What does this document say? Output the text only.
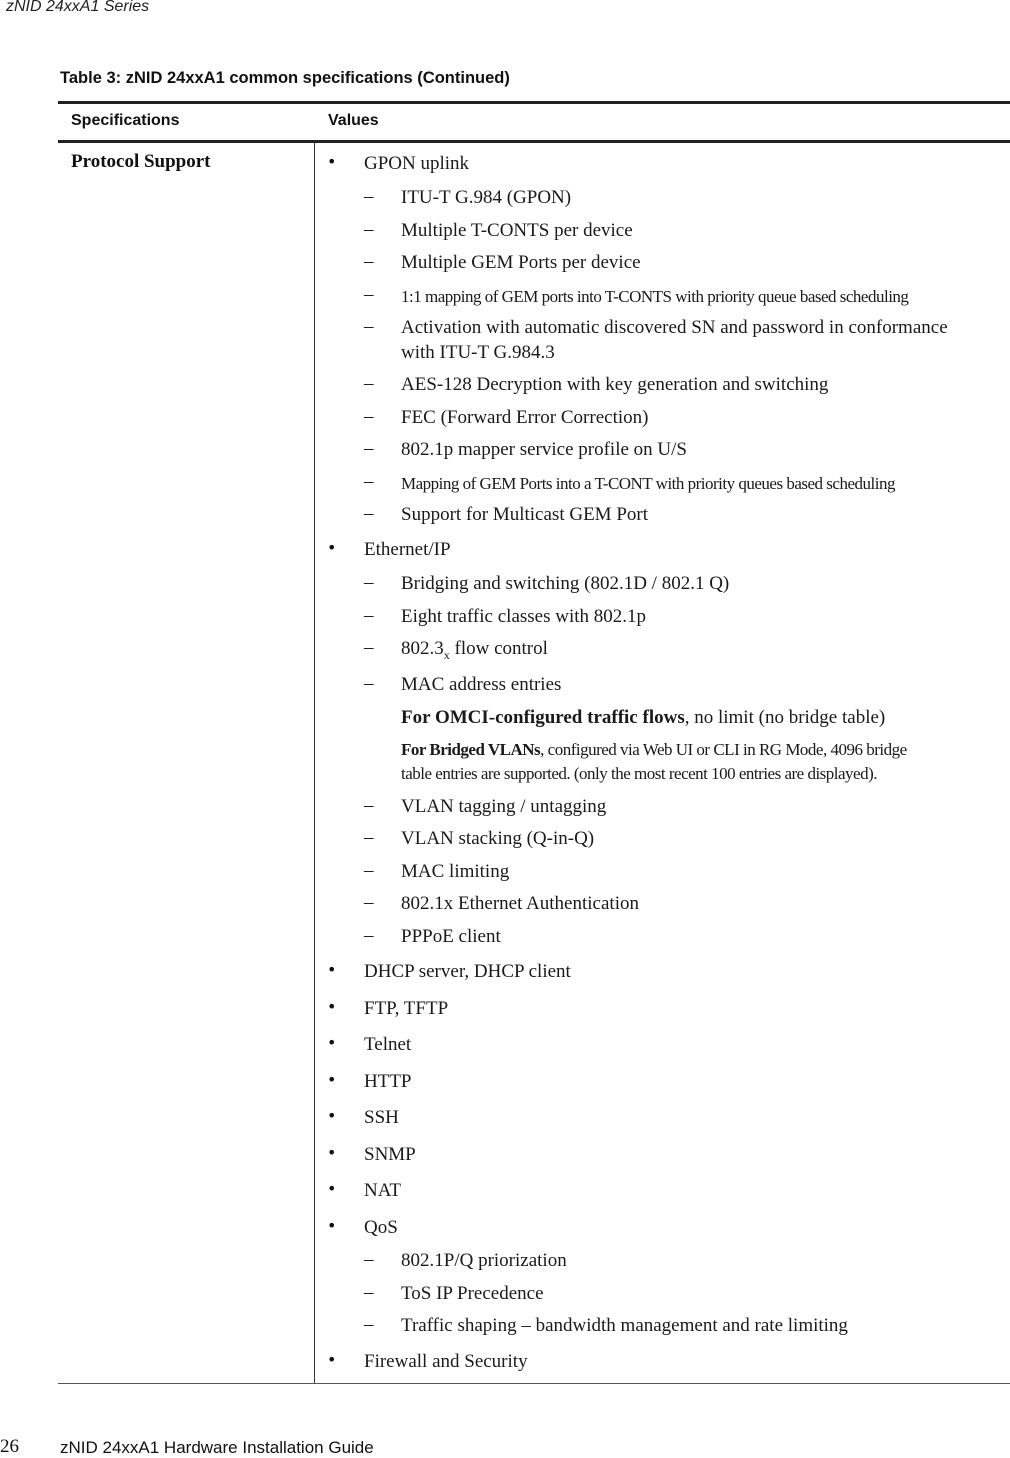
zNID 24xxA1 Series
Table 3: zNID 24xxA1 common specifications (Continued)
Specifications	Values
Protocol Support	• GPON uplink
– ITU-T G.984 (GPON)
– Multiple T-CONTS per device
– Multiple GEM Ports per device
– 1:1 mapping of GEM ports into T-CONTS with priority queue based scheduling
– Activation with automatic discovered SN and password in conformance
with ITU-T G.984.3
– AES-128 Decryption with key generation and switching
– FEC (Forward Error Correction)
– 802.1p mapper service profile on U/S
– Mapping of GEM Ports into a T-CONT with priority queues based scheduling
– Support for Multicast GEM Port
• Ethernet/IP
– Bridging and switching (802.1D / 802.1 Q)
– Eight traffic classes with 802.1p
– $802.3_x$ flow control
– MAC address entries
For OMCI-configured traffic flows, no limit (no bridge table)
For Bridged VLANs, configured via Web UI or CLI in RG Mode, 4096 bridge
table entries are supported. (only the most recent 100 entries are displayed).
– VLAN tagging / untagging
– VLAN stacking (Q-in-Q)
– MAC limiting
– 802.1x Ethernet Authentication
– PPPoE client
• DHCP server, DHCP client
• FTP, TFTP
• Telnet
• HTTP
• SSH
• SNMP
• NAT
• QoS
– 802.1P/Q priorization
– ToS IP Precedence
– Traffic shaping – bandwidth management and rate limiting
• Firewall and Security
26 zNID 24xxA1 Hardware Installation Guide
